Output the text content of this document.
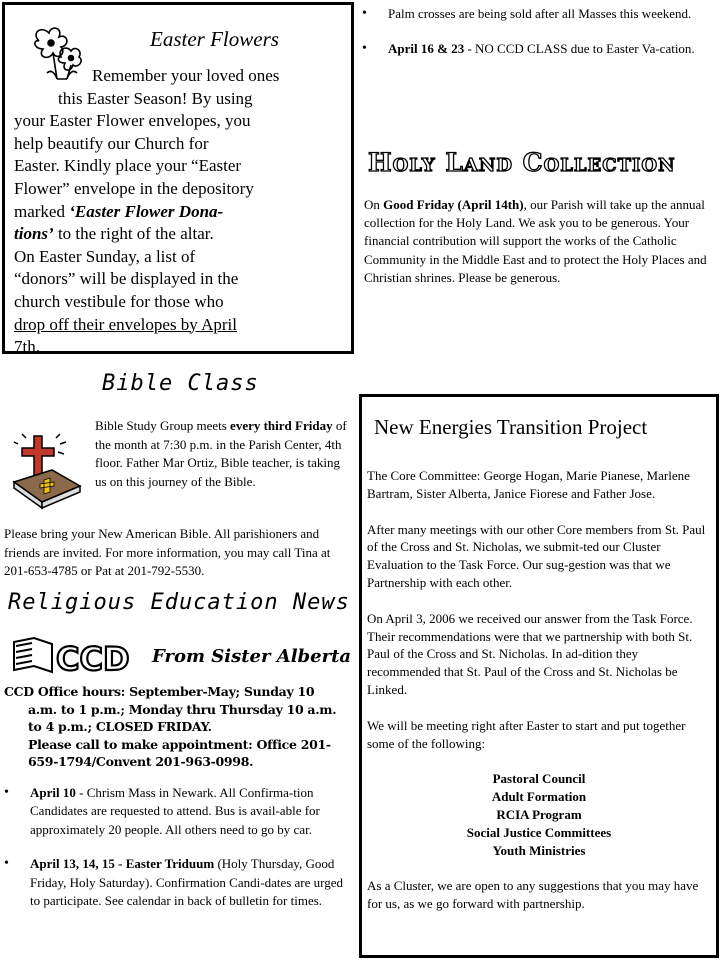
Easter Flowers
Remember your loved ones
this Easter Season! By using
your Easter Flower envelopes, you
help beautify our Church for
Easter. Kindly place your “Easter
Flower” envelope in the depository
marked ‘Easter Flower Dona-
tions’ to the right of the altar.
On Easter Sunday, a list of
“donors” will be displayed in the
church vestibule for those who
drop off their envelopes by April
7th.
• Palm crosses are being sold after all Masses this weekend.
• April 16 & 23 - NO CCD CLASS due to Easter Va-cation.
Holy Land Collection
On Good Friday (April 14th), our Parish will take up the annual collection for the Holy Land. We ask you to be generous. Your financial contribution will support the works of the Catholic Community in the Middle East and to protect the Holy Places and Christian shrines. Please be generous.
Bible Class
Bible Study Group meets every third Friday of the month at 7:30 p.m. in the Parish Center, 4th floor. Father Mar Ortiz, Bible teacher, is taking us on this journey of the Bible.
Please bring your New American Bible. All parishioners and friends are invited. For more information, you may call Tina at 201-653-4785 or Pat at 201-792-5530.
Religious Education News
CCD From Sister Alberta
CCD Office hours: September-May; Sunday 10
a.m. to 1 p.m.; Monday thru Thursday 10 a.m.
to 4 p.m.; CLOSED FRIDAY.
Please call to make appointment: Office 201-
659-1794/Convent 201-963-0998.
• April 10 - Chrism Mass in Newark. All Confirma-tion Candidates are requested to attend. Bus is avail-able for approximately 20 people. All others need to go by car.
• April 13, 14, 15 - Easter Triduum (Holy Thursday, Good Friday, Holy Saturday). Confirmation Candi-dates are urged to participate. See calendar in back of bulletin for times.
New Energies Transition Project

The Core Committee: George Hogan, Marie Pianese, Marlene Bartram, Sister Alberta, Janice Fiorese and Father Jose.

After many meetings with our other Core members from St. Paul of the Cross and St. Nicholas, we submit-ted our Cluster Evaluation to the Task Force. Our sug-gestion was that we Partnership with each other.

On April 3, 2006 we received our answer from the Task Force. Their recommendations were that we partnership with both St. Paul of the Cross and St. Nicholas. In ad-dition they recommended that St. Paul of the Cross and St. Nicholas be Linked.

We will be meeting right after Easter to start and put together some of the following:

Pastoral Council
Adult Formation
RCIA Program
Social Justice Committees
Youth Ministries

As a Cluster, we are open to any suggestions that you may have for us, as we go forward with partnership.
